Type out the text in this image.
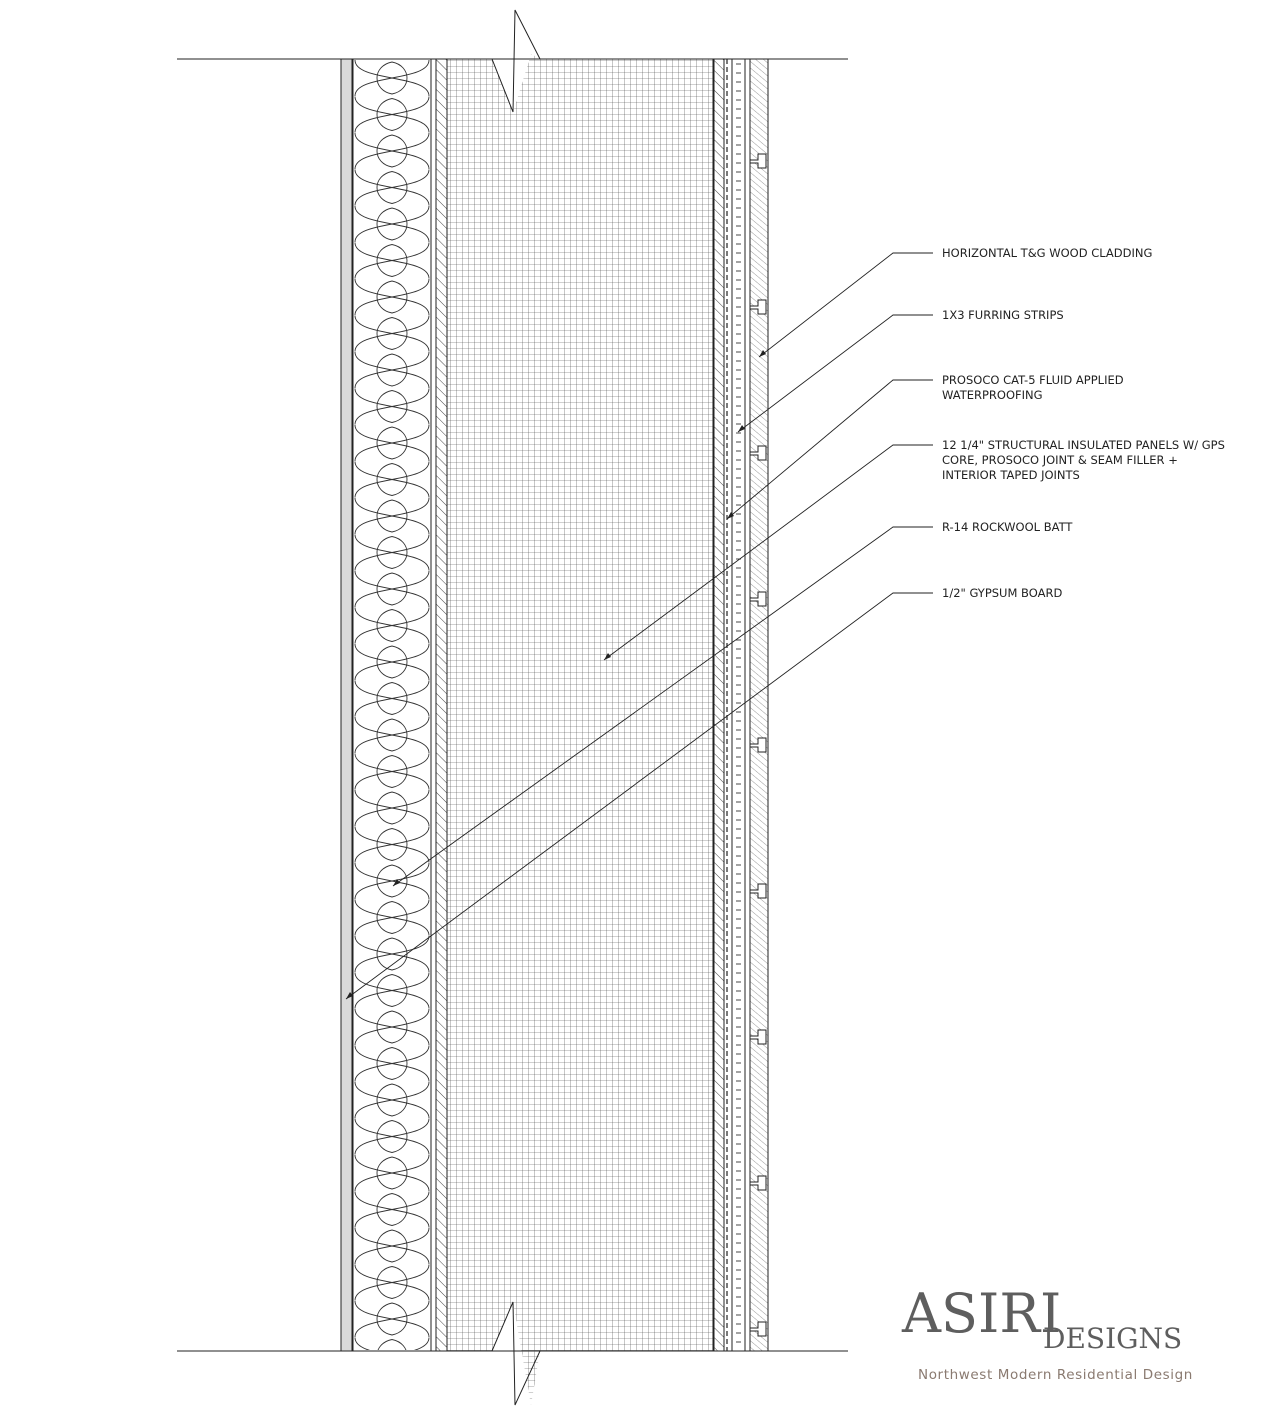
HORIZONTAL T&G WOOD CLADDING
1X3 FURRING STRIPS
PROSOCO CAT-5 FLUID APPLIED WATERPROOFING
12 1/4" STRUCTURAL INSULATED PANELS W/ GPS CORE, PROSOCO JOINT & SEAM FILLER + INTERIOR TAPED JOINTS
R-14 ROCKWOOL BATT
1/2" GYPSUM BOARD
ASIRI
DESIGNS
Northwest Modern Residential Design
